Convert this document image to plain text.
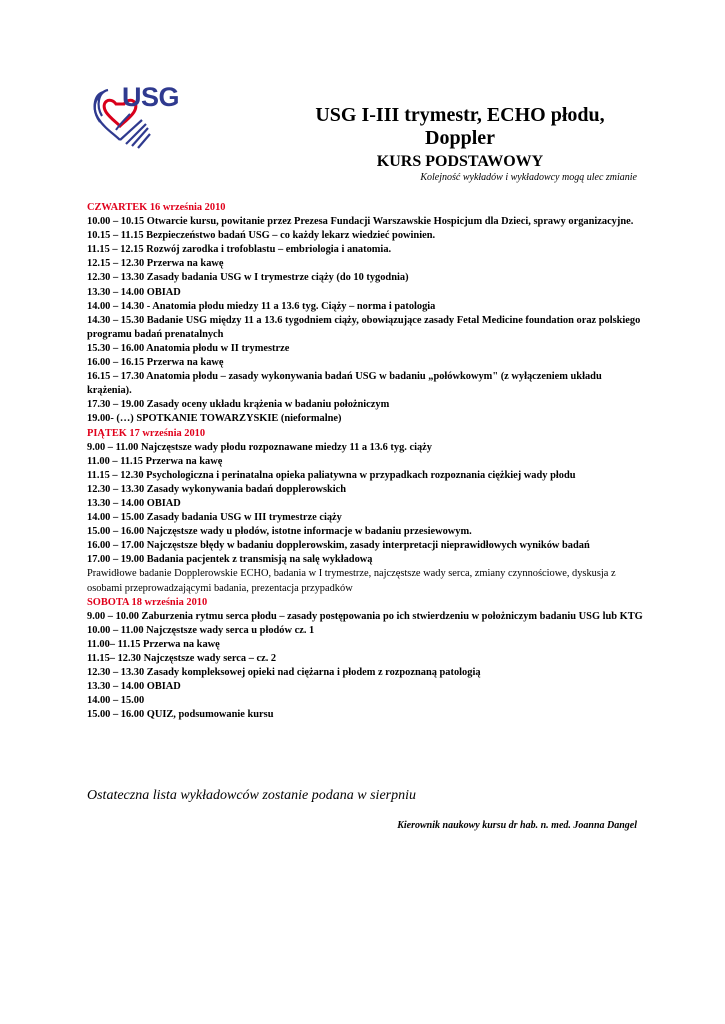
USG
USG I-III trymestr, ECHO płodu,
Doppler
KURS PODSTAWOWY
Kolejność wykładów i wykładowcy mogą ulec zmianie

CZWARTEK 16 września 2010

10.00 – 10.15 Otwarcie kursu, powitanie przez Prezesa Fundacji Warszawskie Hospicjum dla Dzieci, sprawy organizacyjne.

10.15 – 11.15 Bezpieczeństwo badań USG – co każdy lekarz wiedzieć powinien.

11.15 – 12.15 Rozwój zarodka i trofoblastu – embriologia i anatomia.

12.15 – 12.30 Przerwa na kawę

12.30 – 13.30 Zasady badania USG w I trymestrze ciąży (do 10 tygodnia)

13.30 – 14.00 OBIAD

14.00 – 14.30 - Anatomia płodu miedzy 11 a 13.6 tyg. Ciąży – norma i patologia

14.30 – 15.30 Badanie USG między 11 a 13.6 tygodniem ciąży, obowiązujące zasady Fetal Medicine foundation oraz polskiego programu badań prenatalnych

15.30 – 16.00 Anatomia płodu w II trymestrze

16.00 – 16.15 Przerwa na kawę

16.15 – 17.30 Anatomia płodu – zasady wykonywania badań USG w badaniu „połówkowym" (z wyłączeniem układu krążenia).

17.30 – 19.00 Zasady oceny układu krążenia w badaniu położniczym

19.00- (…) SPOTKANIE TOWARZYSKIE (nieformalne)

PIĄTEK 17 września 2010

9.00 – 11.00 Najczęstsze wady płodu rozpoznawane miedzy 11 a 13.6 tyg. ciąży

11.00 – 11.15 Przerwa na kawę

11.15 – 12.30 Psychologiczna i perinatalna opieka paliatywna w przypadkach rozpoznania ciężkiej wady płodu

12.30 – 13.30 Zasady wykonywania badań dopplerowskich

13.30 – 14.00 OBIAD

14.00 – 15.00 Zasady badania USG w III trymestrze ciąży

15.00 – 16.00 Najczęstsze wady u płodów, istotne informacje w badaniu przesiewowym.

16.00 – 17.00 Najczęstsze błędy w badaniu dopplerowskim, zasady interpretacji nieprawidłowych wyników badań

17.00 – 19.00 Badania pacjentek z transmisją na salę wykładową

Prawidłowe badanie Dopplerowskie ECHO, badania w I trymestrze, najczęstsze wady serca, zmiany czynnościowe, dyskusja z osobami przeprowadzającymi badania, prezentacja przypadków

SOBOTA 18 września 2010

9.00 – 10.00 Zaburzenia rytmu serca płodu – zasady postępowania po ich stwierdzeniu w położniczym badaniu USG lub KTG

10.00 – 11.00 Najczęstsze wady serca u płodów cz. 1

11.00– 11.15 Przerwa na kawę

11.15– 12.30 Najczęstsze wady serca – cz. 2

12.30 – 13.30 Zasady kompleksowej opieki nad ciężarna i płodem z rozpoznaną patologią

13.30 – 14.00 OBIAD

14.00 – 15.00

15.00 – 16.00 QUIZ, podsumowanie kursu

Ostateczna lista wykładowców zostanie podana w sierpniu
Kierownik naukowy kursu dr hab. n. med. Joanna Dangel
